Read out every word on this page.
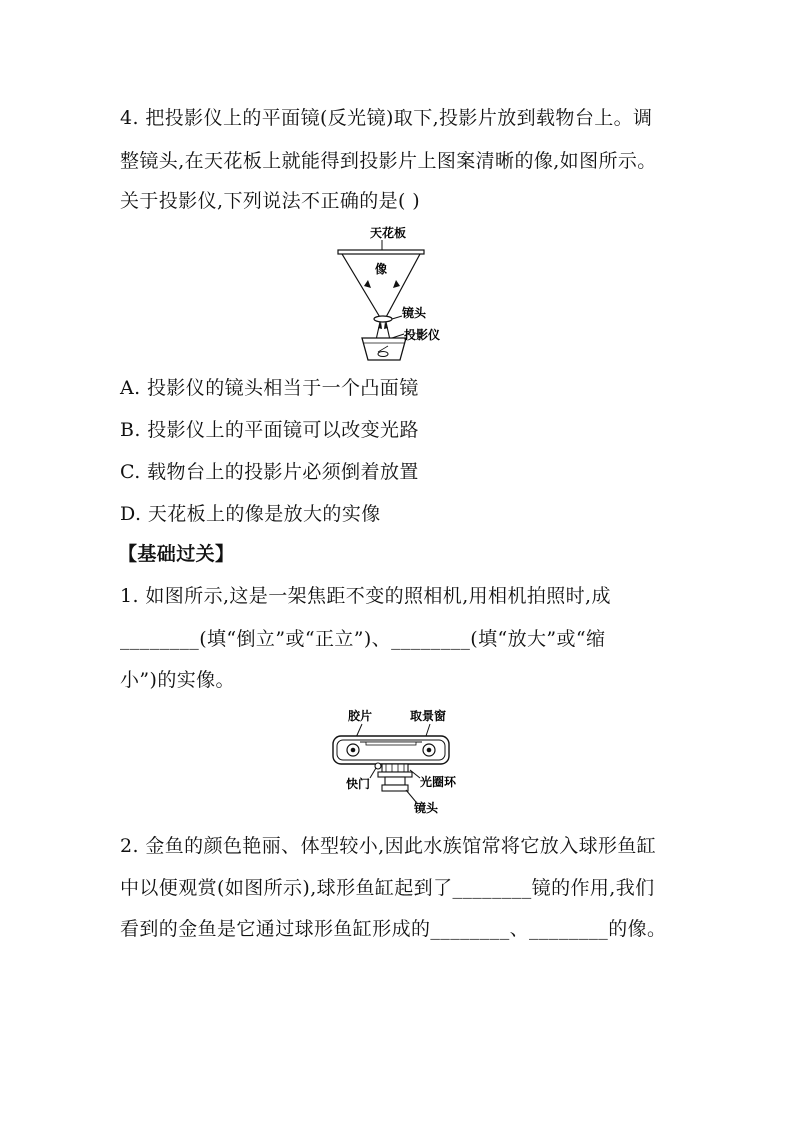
4. 把投影仪上的平面镜(反光镜)取下,投影片放到载物台上。调
整镜头,在天花板上就能得到投影片上图案清晰的像,如图所示。
关于投影仪,下列说法不正确的是( )
天花板
像
镜头
投影仪
A. 投影仪的镜头相当于一个凸面镜
B. 投影仪上的平面镜可以改变光路
C. 载物台上的投影片必须倒着放置
D. 天花板上的像是放大的实像
【基础过关】
1. 如图所示,这是一架焦距不变的照相机,用相机拍照时,成
________(填“倒立”或“正立”)、________(填“放大”或“缩
小”)的实像。
胶片	取景窗
快门	光圈环
镜头
2. 金鱼的颜色艳丽、体型较小,因此水族馆常将它放入球形鱼缸
中以便观赏(如图所示),球形鱼缸起到了________镜的作用,我们
看到的金鱼是它通过球形鱼缸形成的________、________的像。
